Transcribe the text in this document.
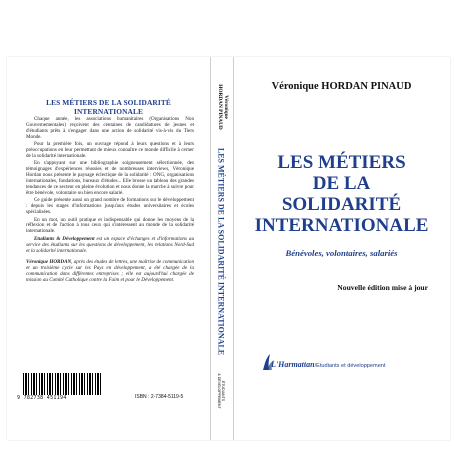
LES MÉTIERS DE LA SOLIDARITÉ
INTERNATIONALE

Chaque année, les associations humanitaires (Organisations Non Gouvernementales) reçoivent des centaines de candidatures de jeunes et d'étudiants prêts à s'engager dans une action de solidarité vis-à-vis du Tiers Monde.

Pour la première fois, un ouvrage répond à leurs questions et à leurs préoccupations en leur permettant de mieux connaître ce monde difficile à cerner de la solidarité internationale.

En s'appuyant sur une bibliographie soigneusement sélectionnée, des témoignages d'expériences réussies et de nombreuses interviews, Véronique Hordan nous présente le paysage éclectique de la solidarité : ONG, organisations internationales, fondations, bureaux d'études... Elle brosse un tableau des grandes tendances de ce secteur en pleine évolution et nous donne la marche à suivre pour être bénévole, volontaire ou bien encore salarié.

Ce guide présente aussi un grand nombre de formations sur le développement : depuis les stages d'informations jusqu'aux études universitaires et écoles spécialisées.

En un mot, un outil pratique et indispensable qui donne les moyens de la réflexion et de l'action à tous ceux qui s'intéressent au monde de la solidarité internationale.

Etudiants & Développement est un espace d'échanges et d'informations au service des étudiants sur les questions de développement, les relations Nord-Sud et la solidarité internationale.

Véronique HORDAN, après des études de lettres, une maîtrise de communication et un troisième cycle sur les Pays en développement, a été chargée de la communication dans différentes entreprises ; elle est aujourd'hui chargée de mission au Comité Catholique contre la Faim et pour le Développement.

9 782738 451194	ISBN : 2-7384-5119-5
Véronique
HORDAN PINAUD
LES MÉTIERS DE LA SOLIDARITÉ INTERNATIONALE
ÉTUDIANTS
& DÉVELOPPEMENT
Véronique HORDAN PINAUD
LES MÉTIERS
DE LA
SOLIDARITÉ
INTERNATIONALE
Bénévoles, volontaires, salariés
Nouvelle édition mise à jour
L'Harmattan/Etudiants et développement
